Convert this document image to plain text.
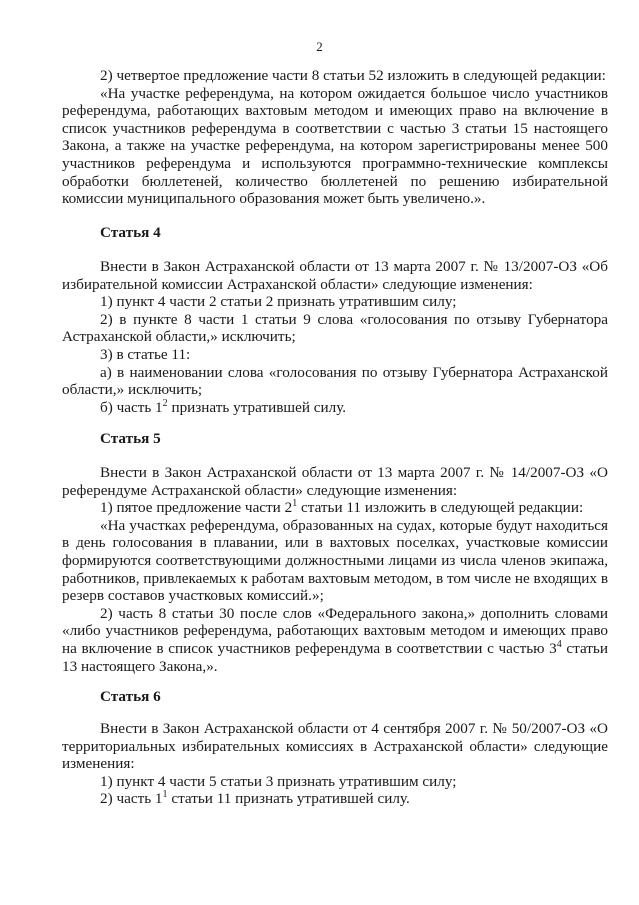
2

2) четвертое предложение части 8 статьи 52 изложить в следующей редакции:

«На участке референдума, на котором ожидается большое число участников референдума, работающих вахтовым методом и имеющих право на включение в список участников референдума в соответствии с частью 3 статьи 15 настоящего Закона, а также на участке референдума, на котором зарегистрированы менее 500 участников референдума и используются программно-технические комплексы обработки бюллетеней, количество бюллетеней по решению избирательной комиссии муниципального образования может быть увеличено.».

Статья 4

Внести в Закон Астраханской области от 13 марта 2007 г. № 13/2007-ОЗ «Об избирательной комиссии Астраханской области» следующие изменения:

1) пункт 4 части 2 статьи 2 признать утратившим силу;

2) в пункте 8 части 1 статьи 9 слова «голосования по отзыву Губернатора Астраханской области,» исключить;

3) в статье 11:

а) в наименовании слова «голосования по отзыву Губернатора Астраханской области,» исключить;

б) часть $1^2$ признать утратившей силу.

Статья 5

Внести в Закон Астраханской области от 13 марта 2007 г. № 14/2007-ОЗ «О референдуме Астраханской области» следующие изменения:

1) пятое предложение части $2^1$ статьи 11 изложить в следующей редакции:

«На участках референдума, образованных на судах, которые будут находиться в день голосования в плавании, или в вахтовых поселках, участковые комиссии формируются соответствующими должностными лицами из числа членов экипажа, работников, привлекаемых к работам вахтовым методом, в том числе не входящих в резерв составов участковых комиссий.»;

2) часть 8 статьи 30 после слов «Федерального закона,» дополнить словами «либо участников референдума, работающих вахтовым методом и имеющих право на включение в список участников референдума в соответствии с частью $3^4$ статьи 13 настоящего Закона,».

Статья 6

Внести в Закон Астраханской области от 4 сентября 2007 г. № 50/2007-ОЗ «О территориальных избирательных комиссиях в Астраханской области» следующие изменения:

1) пункт 4 части 5 статьи 3 признать утратившим силу;

2) часть $1^1$ статьи 11 признать утратившей силу.
